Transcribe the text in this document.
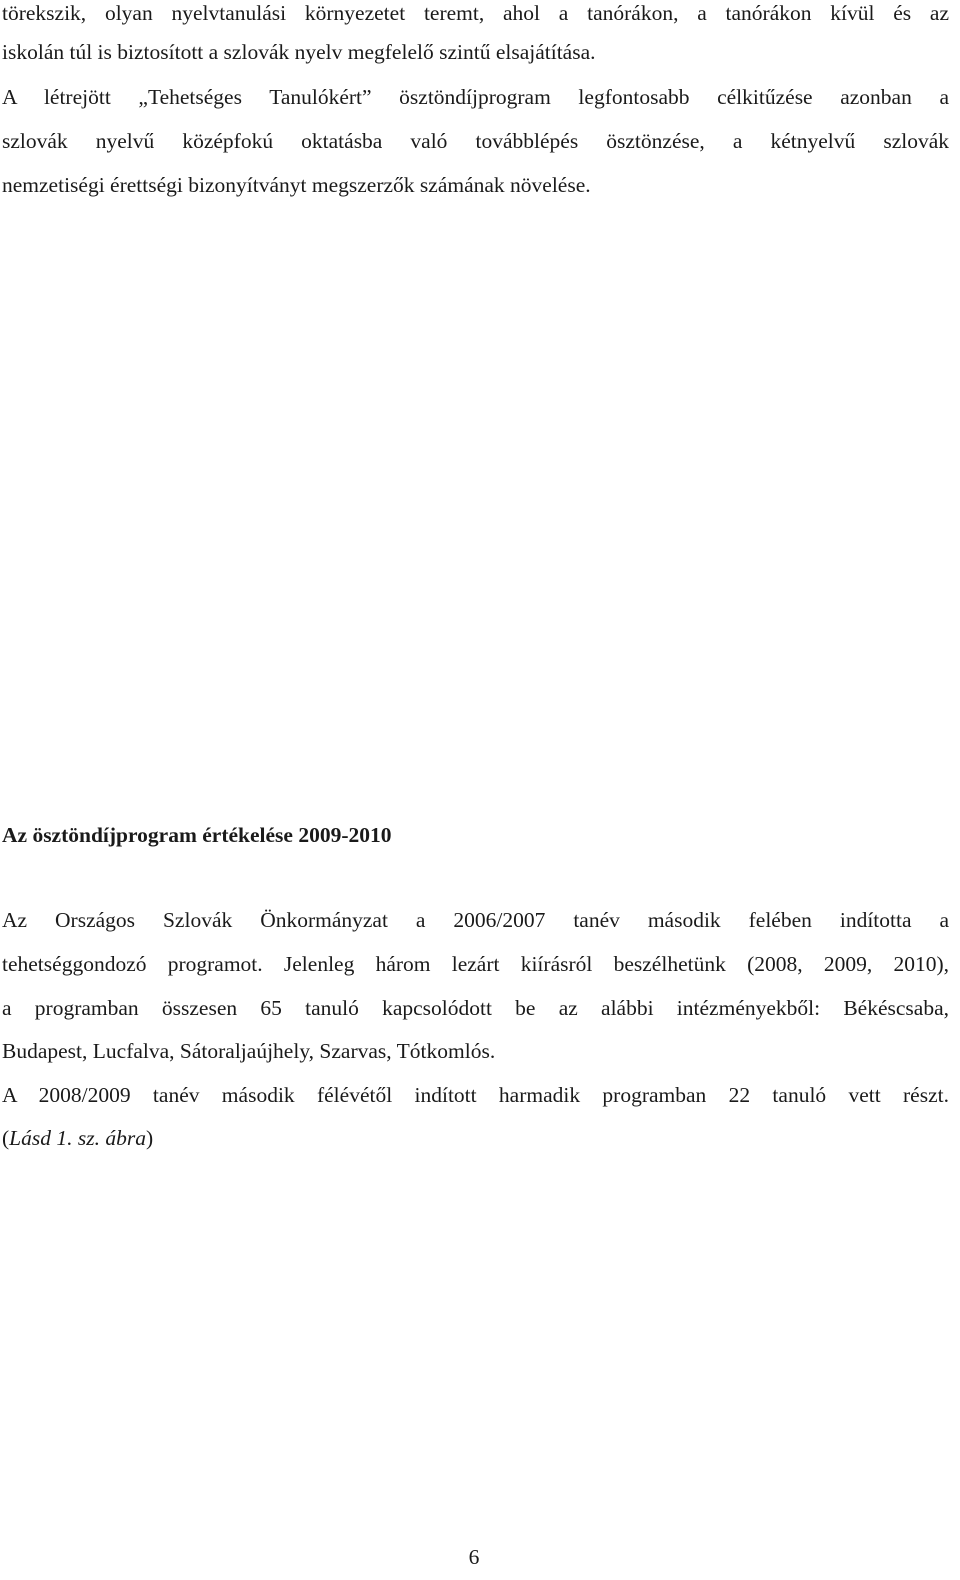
törekszik, olyan nyelvtanulási környezetet teremt, ahol a tanórákon, a tanórákon kívül és az

iskolán túl is biztosított a szlovák nyelv megfelelő szintű elsajátítása.

A létrejött „Tehetséges Tanulókért” ösztöndíjprogram legfontosabb célkitűzése azonban a

szlovák nyelvű középfokú oktatásba való továbblépés ösztönzése, a kétnyelvű szlovák

nemzetiségi érettségi bizonyítványt megszerzők számának növelése.

Az ösztöndíjprogram értékelése 2009-2010

Az Országos Szlovák Önkormányzat a 2006/2007 tanév második felében indította a

tehetséggondozó programot. Jelenleg három lezárt kiírásról beszélhetünk (2008, 2009, 2010),

a programban összesen 65 tanuló kapcsolódott be az alábbi intézményekből: Békéscsaba,

Budapest, Lucfalva, Sátoraljaújhely, Szarvas, Tótkomlós.

A 2008/2009 tanév második félévétől indított harmadik programban 22 tanuló vett részt.

(Lásd 1. sz. ábra)

6
